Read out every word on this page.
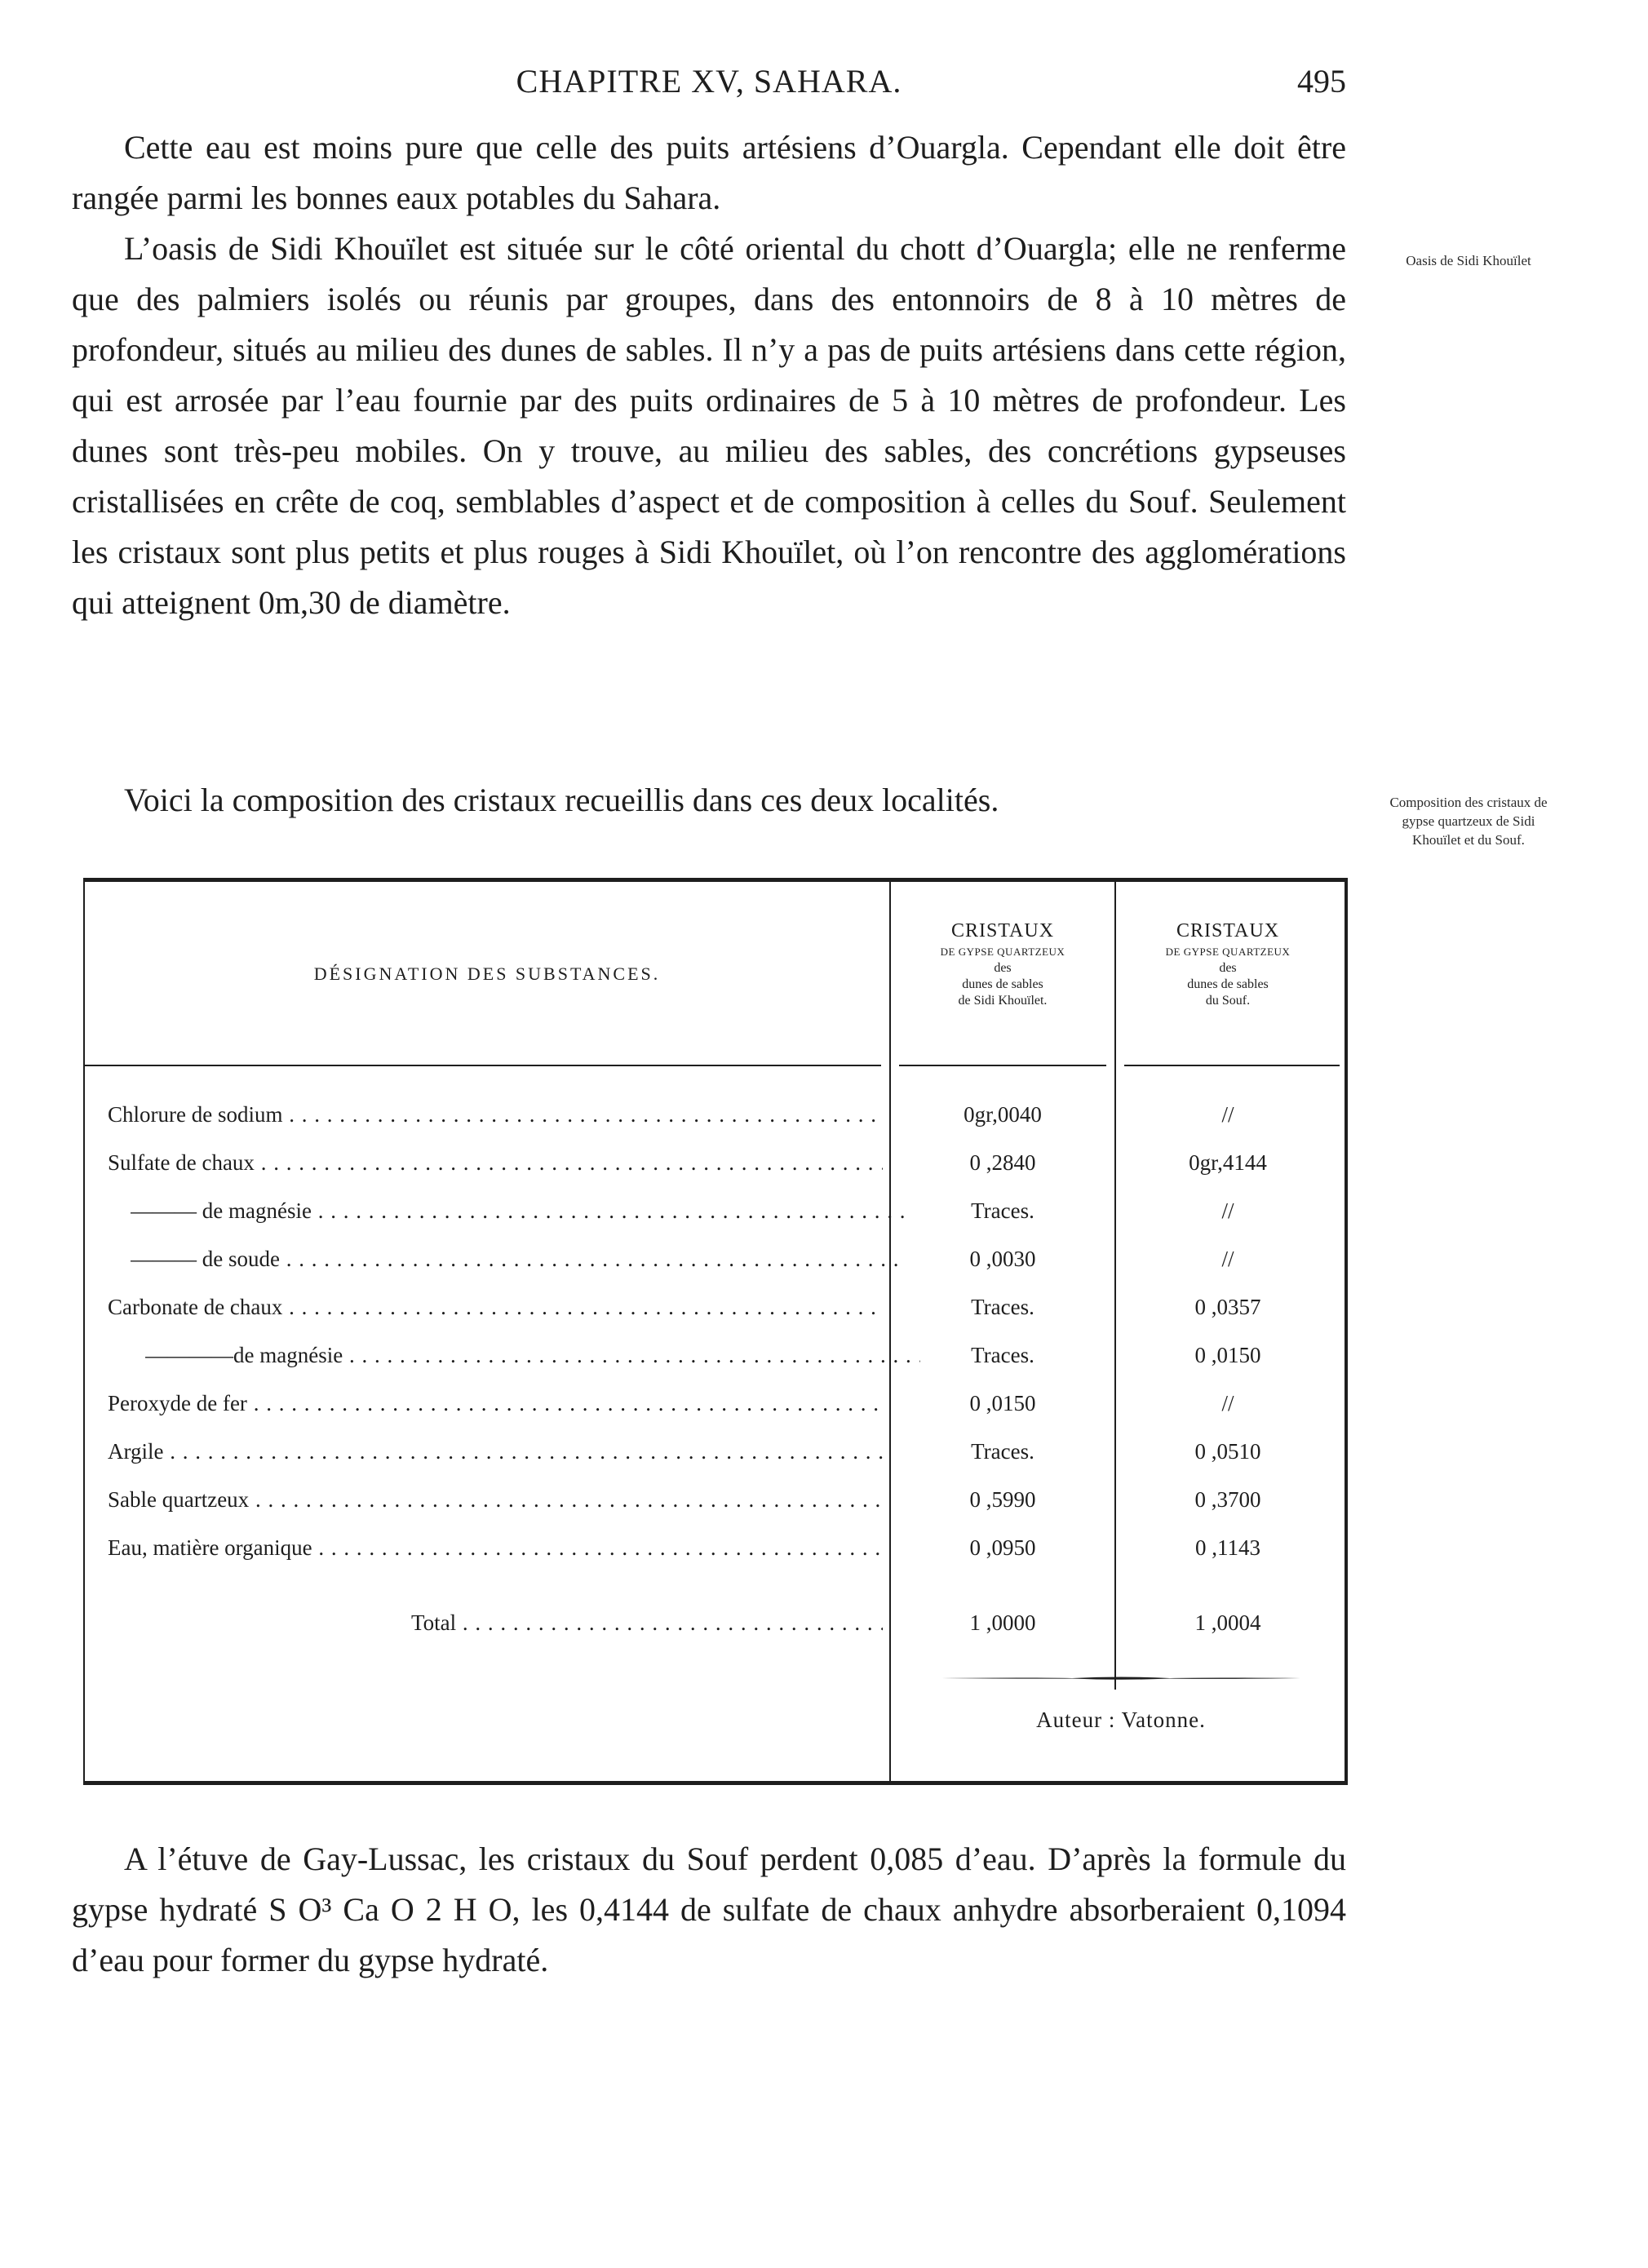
CHAPITRE XV, SAHARA.	495

Cette eau est moins pure que celle des puits artésiens d’Ouargla. Cependant elle doit être rangée parmi les bonnes eaux potables du Sahara.

L’oasis de Sidi Khouïlet est située sur le côté oriental du chott d’Ouargla; elle ne renferme que des palmiers isolés ou réunis par groupes, dans des entonnoirs de 8 à 10 mètres de profondeur, situés au milieu des dunes de sables. Il n’y a pas de puits artésiens dans cette région, qui est arrosée par l’eau fournie par des puits ordinaires de 5 à 10 mètres de profondeur. Les dunes sont très-peu mobiles. On y trouve, au milieu des sables, des concrétions gypseuses cristallisées en crête de coq, semblables d’aspect et de composition à celles du Souf. Seulement les cristaux sont plus petits et plus rouges à Sidi Khouïlet, où l’on rencontre des agglomérations qui atteignent 0m,30 de diamètre.

Voici la composition des cristaux recueillis dans ces deux localités.

Oasis de Sidi Khouïlet
Composition des cristaux de gypse quartzeux de Sidi Khouïlet et du Souf.
DÉSIGNATION DES SUBSTANCES.
CRISTAUX
DE GYPSE QUARTZEUX
des
dunes de sables
de Sidi Khouïlet.
CRISTAUX
DE GYPSE QUARTZEUX
des
dunes de sables
du Souf.
Chlorure de sodium . . .	0gr,0040	//
Sulfate de chaux . . .	0 ,2840	0gr,4144
——— de magnésie . . .	Traces.	//
——— de soude . . .	0 ,0030	//
Carbonate de chaux . . .	Traces.	0 ,0357
————de magnésie . . .	Traces.	0 ,0150
Peroxyde de fer . . .	0 ,0150	//
Argile . . .	Traces.	0 ,0510
Sable quartzeux . . .	0 ,5990	0 ,3700
Eau, matière organique . . .	0 ,0950	0 ,1143
Total . . .	1 ,0000	1 ,0004
Auteur : Vatonne.

A l’étuve de Gay-Lussac, les cristaux du Souf perdent 0,085 d’eau. D’après la formule du gypse hydraté S O³ Ca O 2 H O, les 0,4144 de sulfate de chaux anhydre absorberaient 0,1094 d’eau pour former du gypse hydraté.
